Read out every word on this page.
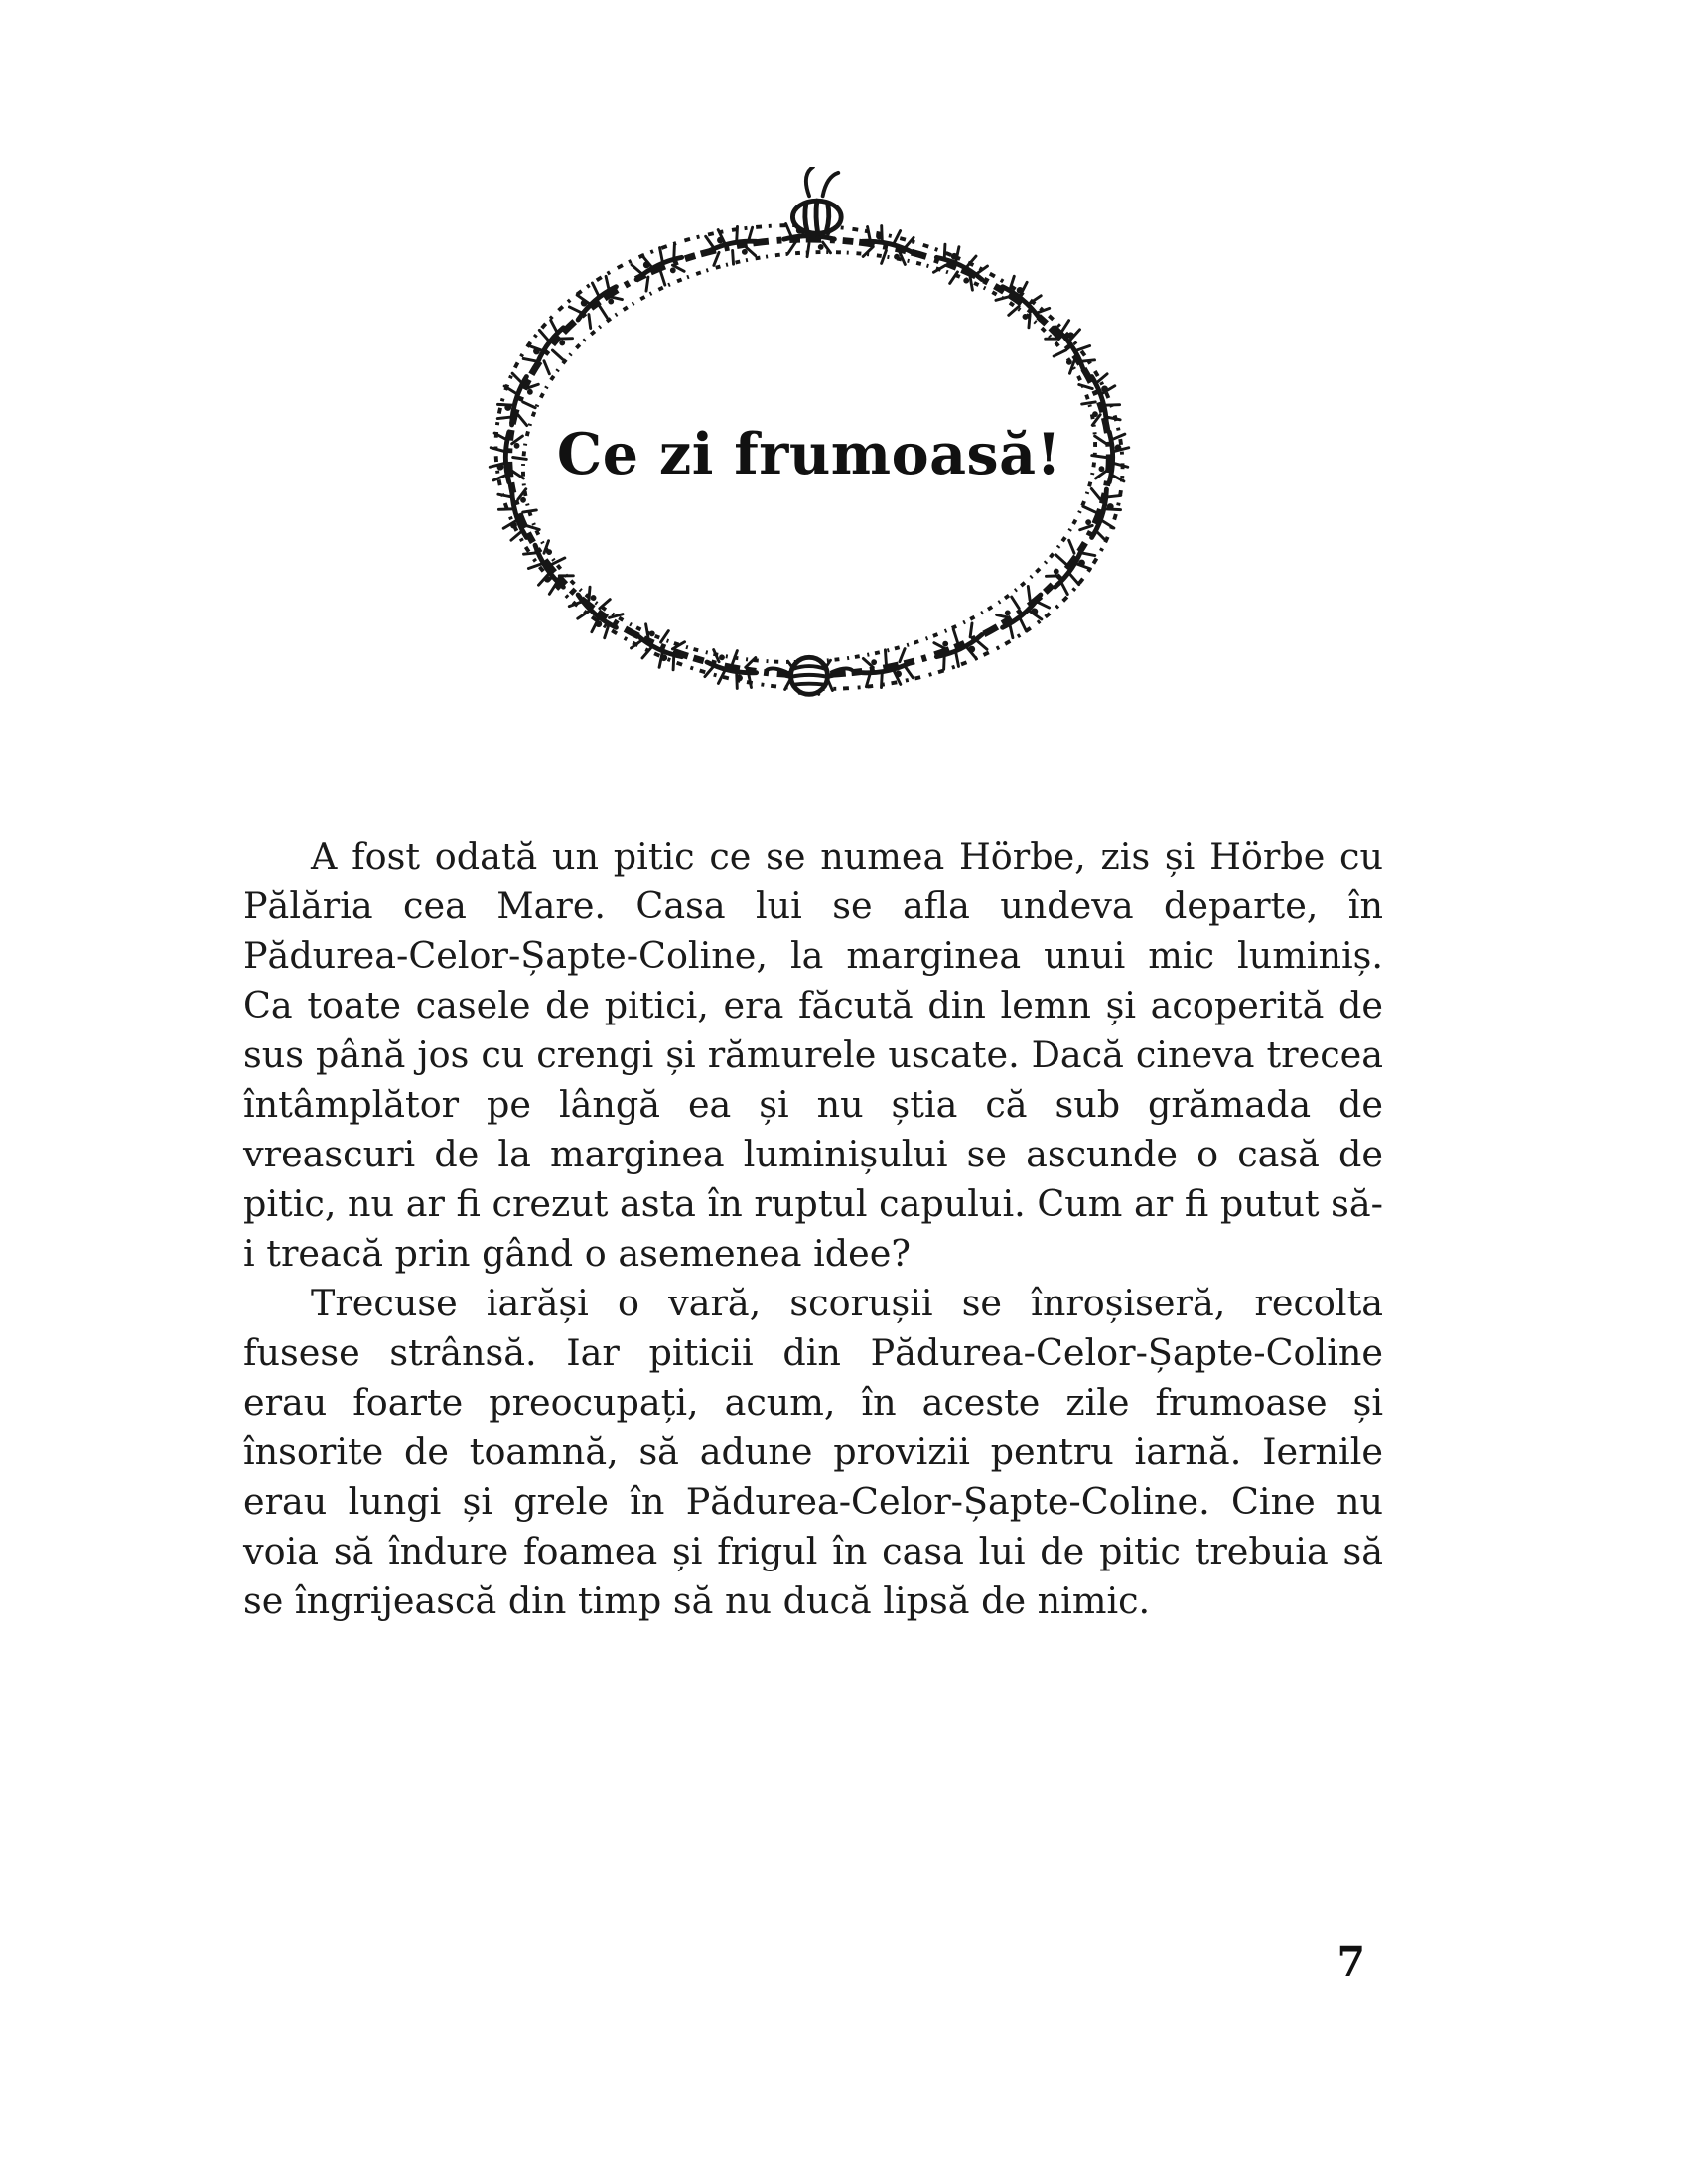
Ce zi frumoasă!

A fost odată un pitic ce se numea Hörbe, zis și Hörbe cu Pălăria cea Mare. Casa lui se afla undeva departe, în Pădurea-Celor-Șapte-Coline, la marginea unui mic luminiș. Ca toate casele de pitici, era făcută din lemn și acoperită de sus până jos cu crengi și rămurele uscate. Dacă cineva trecea întâmplător pe lângă ea și nu știa că sub grămada de vreascuri de la marginea luminișului se ascunde o casă de pitic, nu ar fi crezut asta în ruptul capului. Cum ar fi putut să-i treacă prin gând o asemenea idee?

Trecuse iarăși o vară, scorușii se înroșiseră, recolta fusese strânsă. Iar piticii din Pădurea-Celor-Șapte-Coline erau foarte preocupați, acum, în aceste zile frumoase și însorite de toamnă, să adune provizii pentru iarnă. Iernile erau lungi și grele în Pădurea-Celor-Șapte-Coline. Cine nu voia să îndure foamea și frigul în casa lui de pitic trebuia să se îngrijească din timp să nu ducă lipsă de nimic.

7
